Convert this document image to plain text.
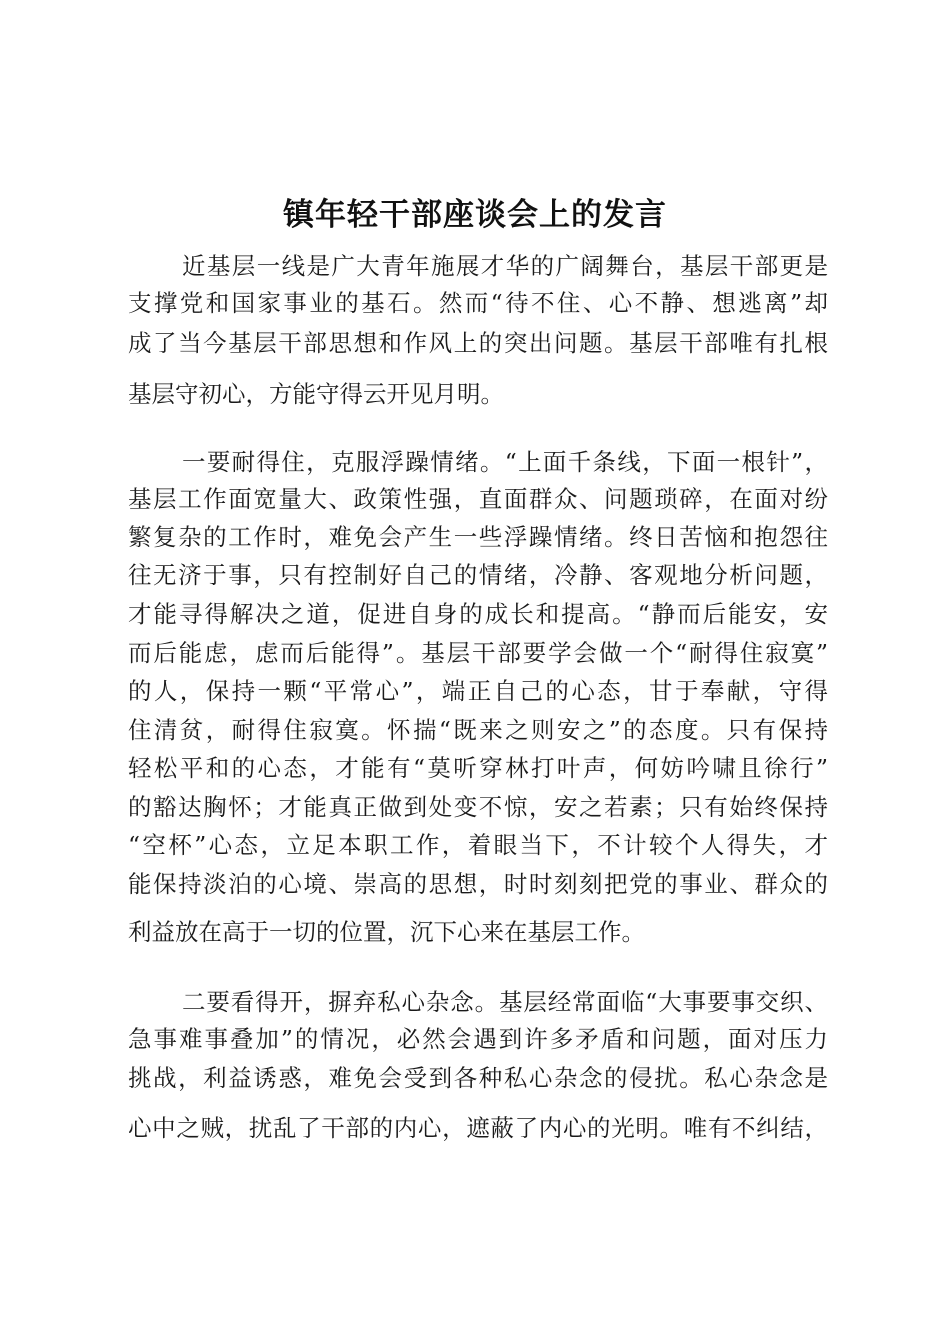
镇年轻干部座谈会上的发言
近基层一线是广大青年施展才华的广阔舞台，基层干部更是
支撑党和国家事业的基石。然而“待不住、心不静、想逃离”却
成了当今基层干部思想和作风上的突出问题。基层干部唯有扎根
基层守初心，方能守得云开见月明。
一要耐得住，克服浮躁情绪。“上面千条线，下面一根针”，
基层工作面宽量大、政策性强，直面群众、问题琐碎，在面对纷
繁复杂的工作时，难免会产生一些浮躁情绪。终日苦恼和抱怨往
往无济于事，只有控制好自己的情绪，冷静、客观地分析问题，
才能寻得解决之道，促进自身的成长和提高。“静而后能安，安
而后能虑，虑而后能得”。基层干部要学会做一个“耐得住寂寞”
的人，保持一颗“平常心”，端正自己的心态，甘于奉献，守得
住清贫，耐得住寂寞。怀揣“既来之则安之”的态度。只有保持
轻松平和的心态，才能有“莫听穿林打叶声，何妨吟啸且徐行”
的豁达胸怀；才能真正做到处变不惊，安之若素；只有始终保持
“空杯”心态，立足本职工作，着眼当下，不计较个人得失，才
能保持淡泊的心境、崇高的思想，时时刻刻把党的事业、群众的
利益放在高于一切的位置，沉下心来在基层工作。
二要看得开，摒弃私心杂念。基层经常面临“大事要事交织、
急事难事叠加”的情况，必然会遇到许多矛盾和问题，面对压力
挑战，利益诱惑，难免会受到各种私心杂念的侵扰。私心杂念是
心中之贼，扰乱了干部的内心，遮蔽了内心的光明。唯有不纠结，
